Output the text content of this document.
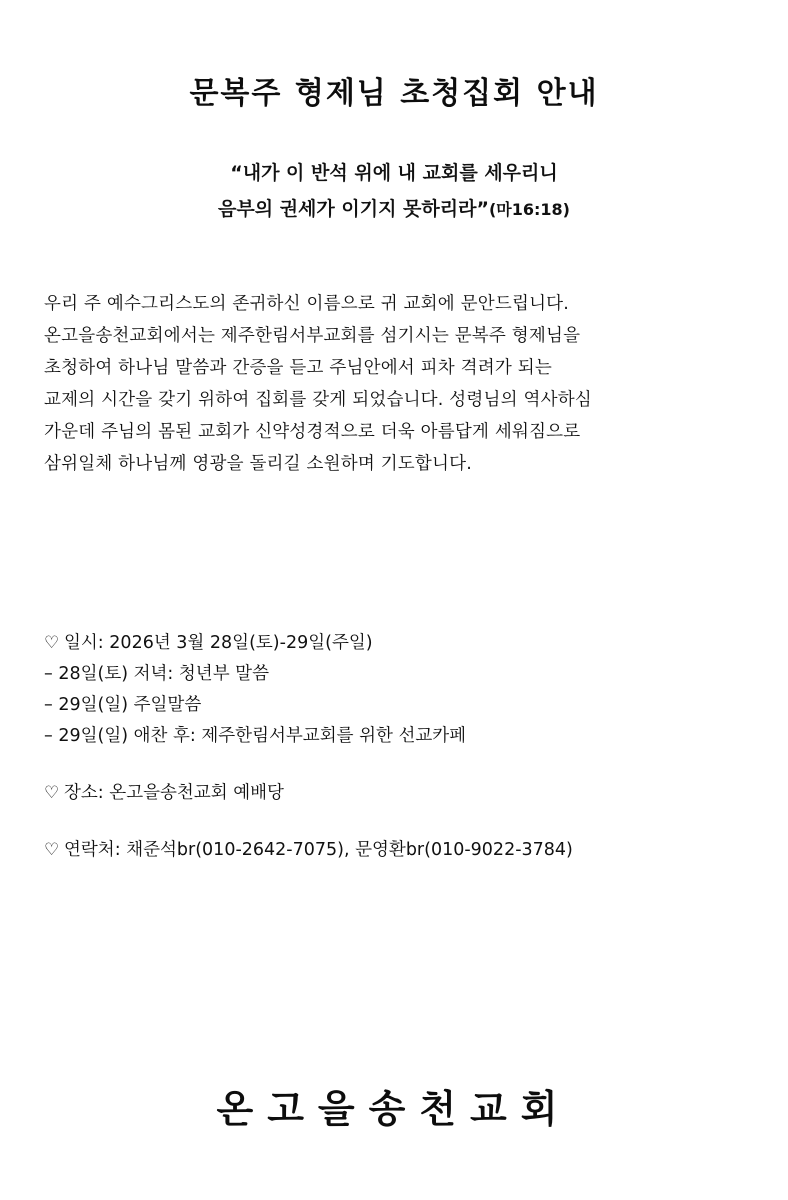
문복주 형제님 초청집회 안내
“내가 이 반석 위에 내 교회를 세우리니
음부의 권세가 이기지 못하리라”(마16:18)
우리 주 예수그리스도의 존귀하신 이름으로 귀 교회에 문안드립니다.
온고을송천교회에서는 제주한림서부교회를 섬기시는 문복주 형제님을
초청하여 하나님 말씀과 간증을 듣고 주님안에서 피차 격려가 되는
교제의 시간을 갖기 위하여 집회를 갖게 되었습니다. 성령님의 역사하심
가운데 주님의 몸된 교회가 신약성경적으로 더욱 아름답게 세워짐으로
삼위일체 하나님께 영광을 돌리길 소원하며 기도합니다.
♡ 일시: 2026년 3월 28일(토)-29일(주일)
– 28일(토) 저녁: 청년부 말씀
– 29일(일) 주일말씀
– 29일(일) 애찬 후: 제주한림서부교회를 위한 선교카페
♡ 장소: 온고을송천교회 예배당
♡ 연락처: 채준석br(010-2642-7075), 문영환br(010-9022-3784)
온고을송천교회
